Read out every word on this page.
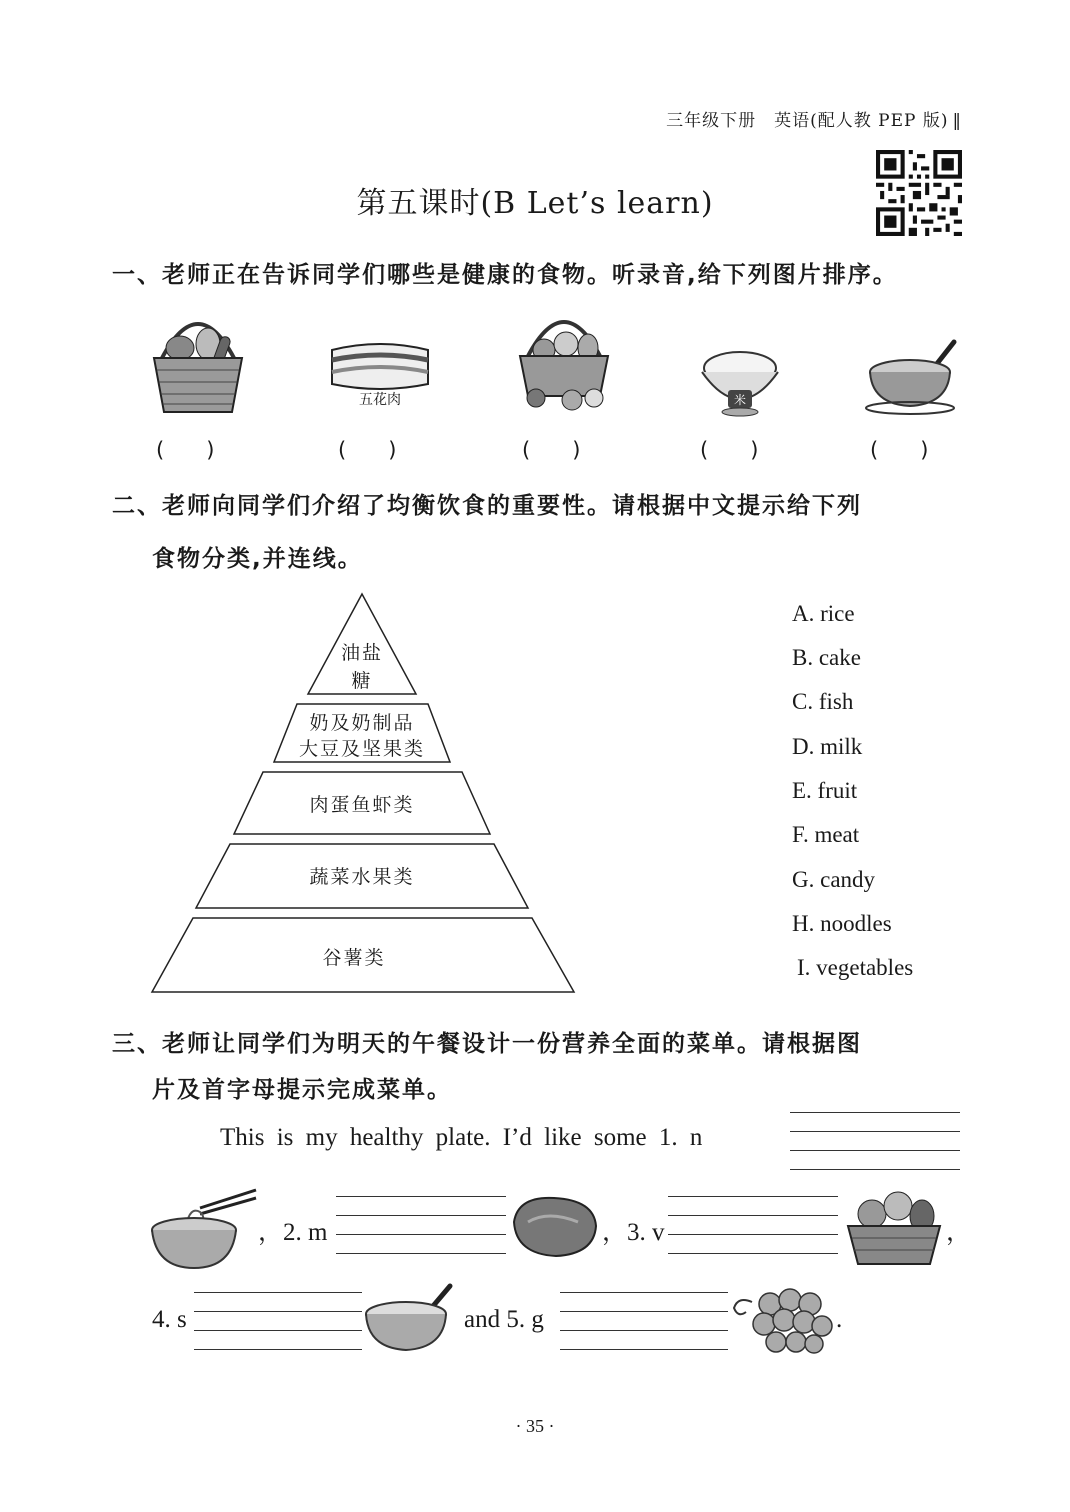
三年级下册　英语(配人教 PEP 版) ‖
第五课时(B Let’s learn)
一、老师正在告诉同学们哪些是健康的食物。听录音,给下列图片排序。
五花肉	米
(　　)	(　　)	(　　)	(　　)	(　　)
二、老师向同学们介绍了均衡饮食的重要性。请根据中文提示给下列
食物分类,并连线。
油盐
糖
奶及奶制品
大豆及坚果类
肉蛋鱼虾类
蔬菜水果类
谷薯类
A. rice
B. cake
C. fish
D. milk
E. fruit
F. meat
G. candy
H. noodles
I. vegetables
三、老师让同学们为明天的午餐设计一份营养全面的菜单。请根据图
片及首字母提示完成菜单。
This is my healthy plate. I’d like some 1. n
，2. m	，3. v	，
4. s	and 5. g	.
· 35 ·
